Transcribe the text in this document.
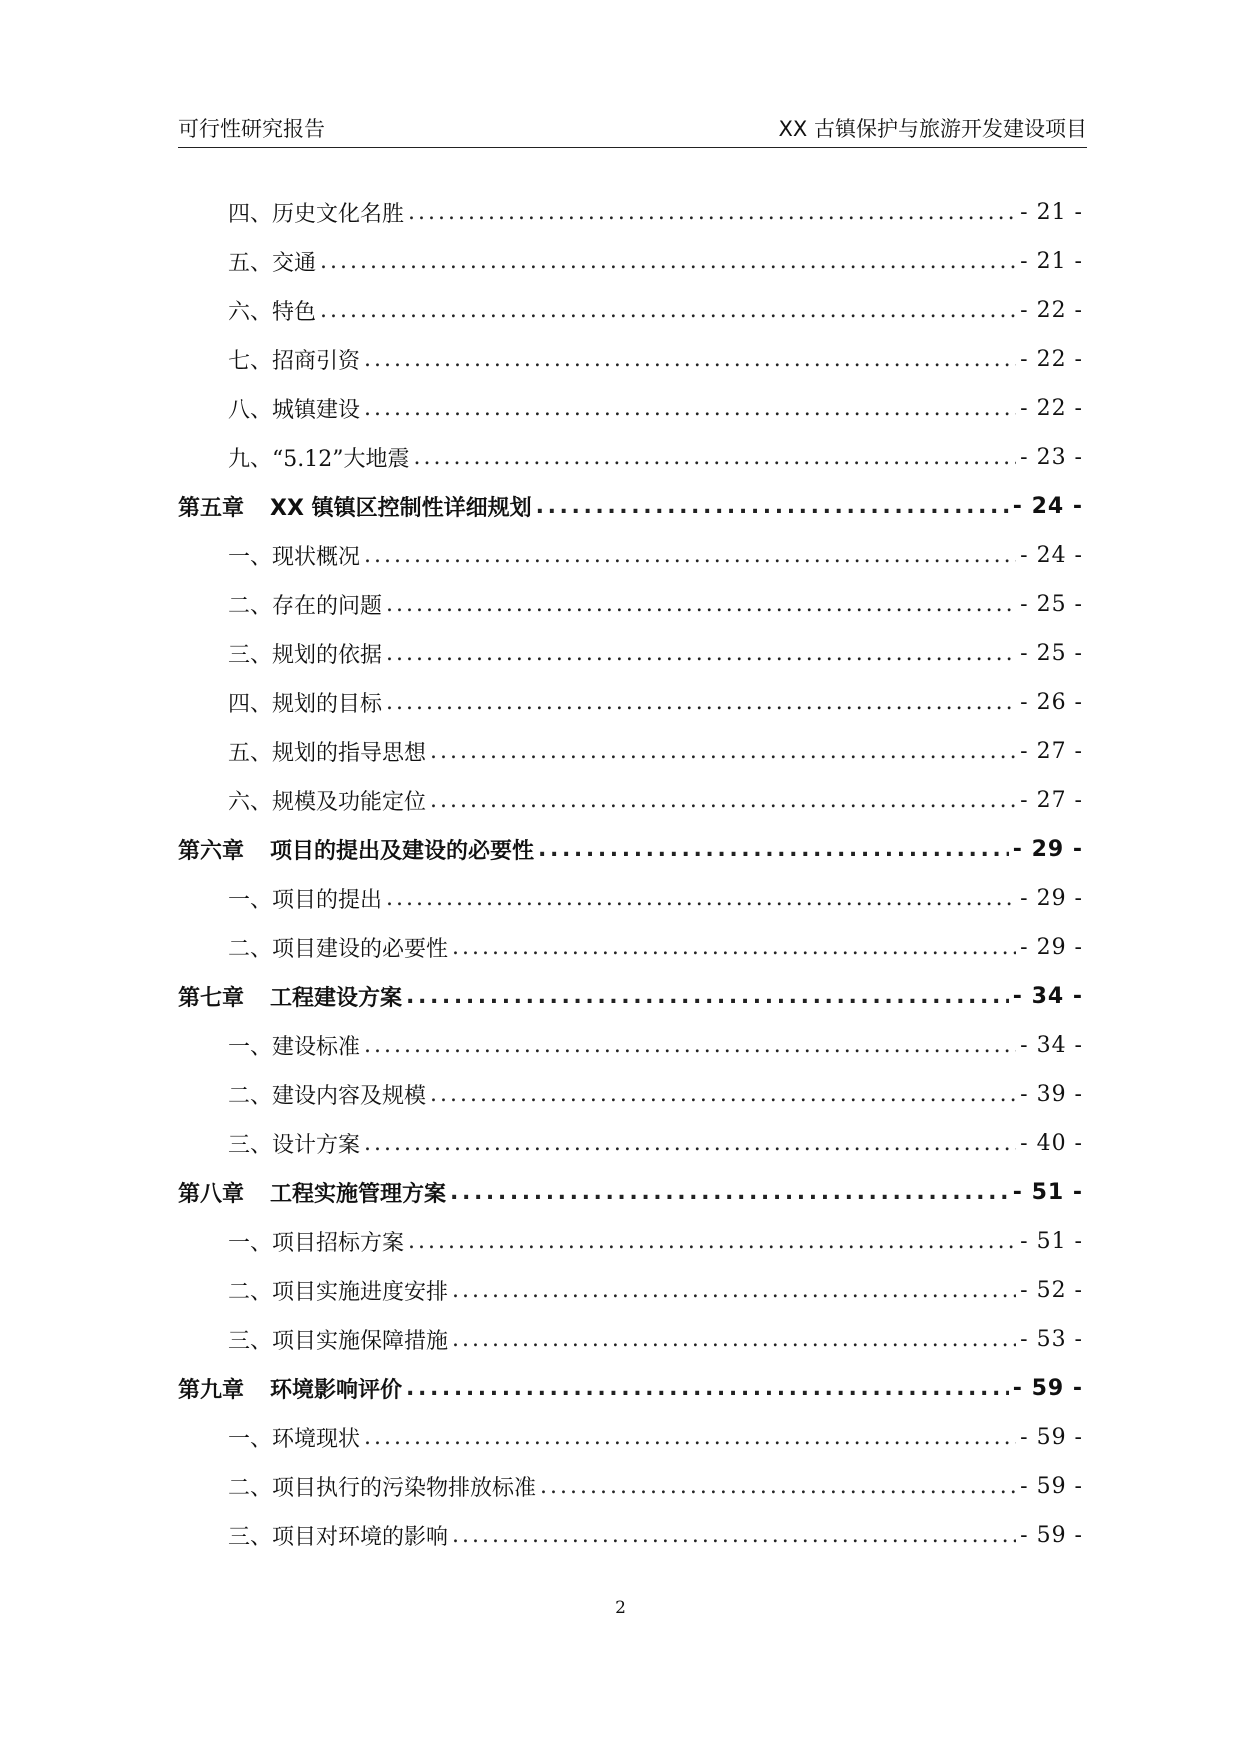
可行性研究报告	XX 古镇保护与旅游开发建设项目
四、历史文化名胜 .....	- 21 -
五、交通 .....	- 21 -
六、特色 .....	- 22 -
七、招商引资 .....	- 22 -
八、城镇建设 .....	- 22 -
九、“5.12”大地震 .....	- 23 -
第五章 XX 镇镇区控制性详细规划 .....	- 24 -
一、现状概况 .....	- 24 -
二、存在的问题 .....	- 25 -
三、规划的依据 .....	- 25 -
四、规划的目标 .....	- 26 -
五、规划的指导思想 .....	- 27 -
六、规模及功能定位 .....	- 27 -
第六章 项目的提出及建设的必要性 .....	- 29 -
一、项目的提出 .....	- 29 -
二、项目建设的必要性 .....	- 29 -
第七章 工程建设方案 .....	- 34 -
一、建设标准 .....	- 34 -
二、建设内容及规模 .....	- 39 -
三、设计方案 .....	- 40 -
第八章 工程实施管理方案 .....	- 51 -
一、项目招标方案 .....	- 51 -
二、项目实施进度安排 .....	- 52 -
三、项目实施保障措施 .....	- 53 -
第九章 环境影响评价 .....	- 59 -
一、环境现状 .....	- 59 -
二、项目执行的污染物排放标准 .....	- 59 -
三、项目对环境的影响 .....	- 59 -
2
